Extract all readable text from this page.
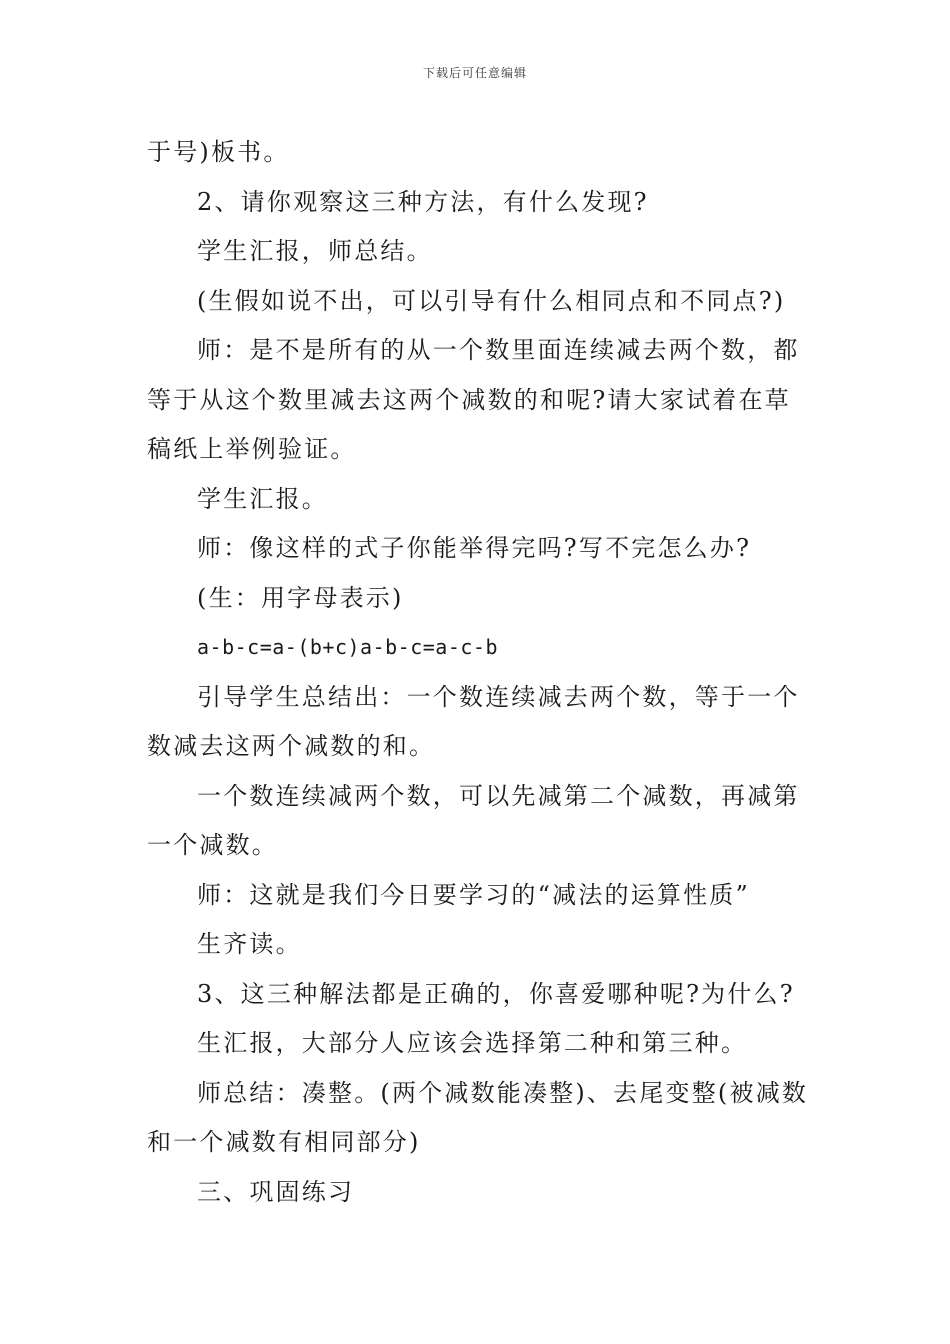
下载后可任意编辑

于号)板书。

2、请你观察这三种方法，有什么发现?

学生汇报，师总结。

(生假如说不出，可以引导有什么相同点和不同点?)

师：是不是所有的从一个数里面连续减去两个数，都等于从这个数里减去这两个减数的和呢?请大家试着在草稿纸上举例验证。

学生汇报。

师：像这样的式子你能举得完吗?写不完怎么办?

(生：用字母表示)

a-b-c=a-(b+c)a-b-c=a-c-b

引导学生总结出：一个数连续减去两个数，等于一个数减去这两个减数的和。

一个数连续减两个数，可以先减第二个减数，再减第一个减数。

师：这就是我们今日要学习的“减法的运算性质”

生齐读。

3、这三种解法都是正确的，你喜爱哪种呢?为什么?

生汇报，大部分人应该会选择第二种和第三种。

师总结：凑整。(两个减数能凑整)、去尾变整(被减数和一个减数有相同部分)

三、巩固练习
